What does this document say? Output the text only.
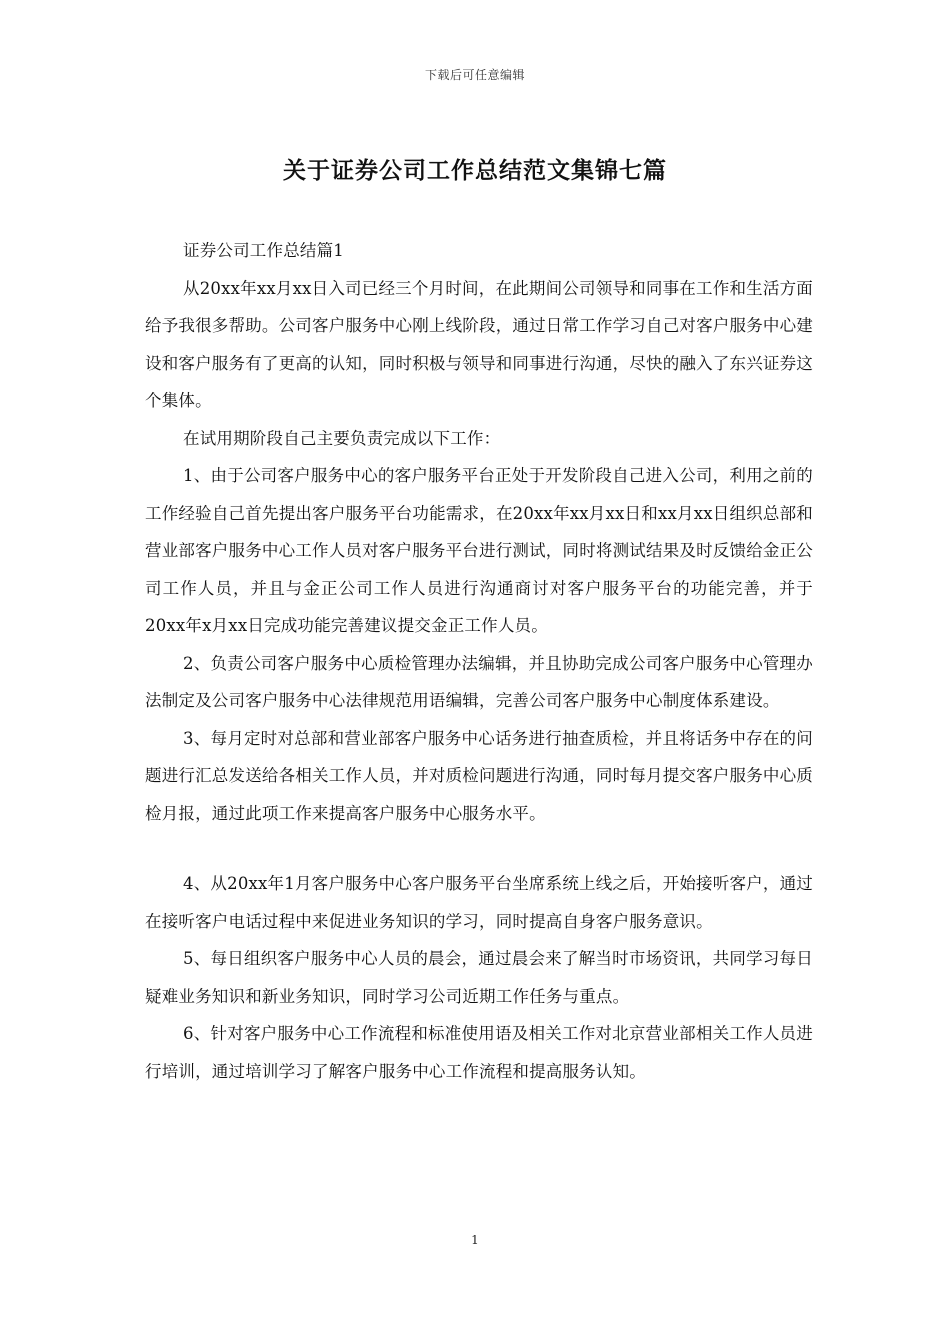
下载后可任意编辑
关于证券公司工作总结范文集锦七篇

证券公司工作总结篇1

从20xx年xx月xx日入司已经三个月时间，在此期间公司领导和同事在工作和生活方面给予我很多帮助。公司客户服务中心刚上线阶段，通过日常工作学习自己对客户服务中心建设和客户服务有了更高的认知，同时积极与领导和同事进行沟通，尽快的融入了东兴证券这个集体。

在试用期阶段自己主要负责完成以下工作：

1、由于公司客户服务中心的客户服务平台正处于开发阶段自己进入公司，利用之前的工作经验自己首先提出客户服务平台功能需求，在20xx年xx月xx日和xx月xx日组织总部和营业部客户服务中心工作人员对客户服务平台进行测试，同时将测试结果及时反馈给金正公司工作人员，并且与金正公司工作人员进行沟通商讨对客户服务平台的功能完善，并于20xx年x月xx日完成功能完善建议提交金正工作人员。

2、负责公司客户服务中心质检管理办法编辑，并且协助完成公司客户服务中心管理办法制定及公司客户服务中心法律规范用语编辑，完善公司客户服务中心制度体系建设。

3、每月定时对总部和营业部客户服务中心话务进行抽查质检，并且将话务中存在的问题进行汇总发送给各相关工作人员，并对质检问题进行沟通，同时每月提交客户服务中心质检月报，通过此项工作来提高客户服务中心服务水平。

4、从20xx年1月客户服务中心客户服务平台坐席系统上线之后，开始接听客户，通过在接听客户电话过程中来促进业务知识的学习，同时提高自身客户服务意识。

5、每日组织客户服务中心人员的晨会，通过晨会来了解当时市场资讯，共同学习每日疑难业务知识和新业务知识，同时学习公司近期工作任务与重点。

6、针对客户服务中心工作流程和标准使用语及相关工作对北京营业部相关工作人员进行培训，通过培训学习了解客户服务中心工作流程和提高服务认知。

1
